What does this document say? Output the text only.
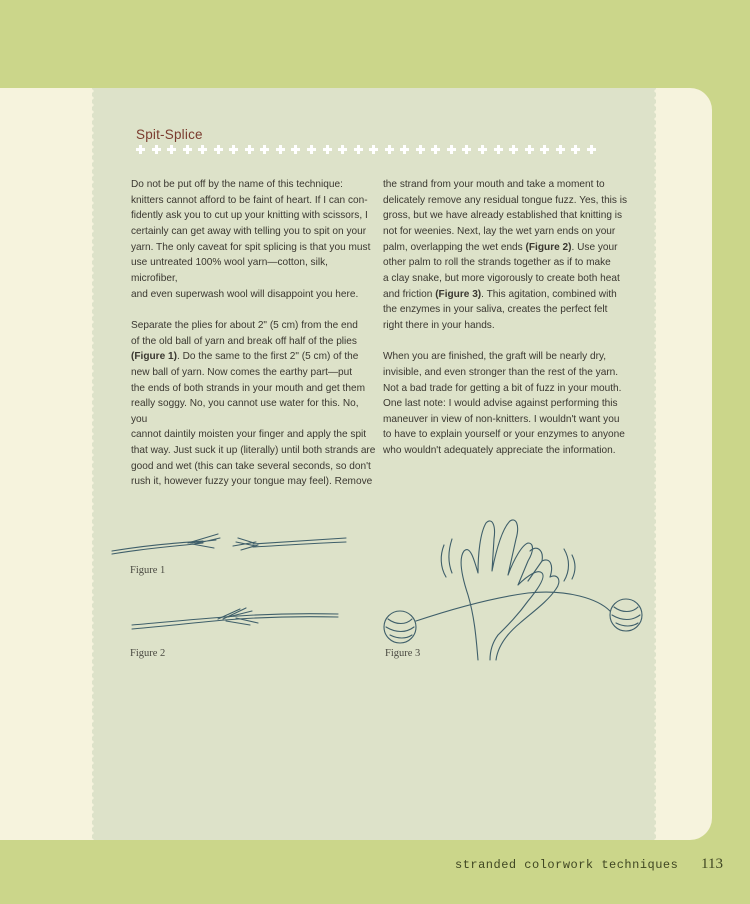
Spit-Splice

Do not be put off by the name of this technique:

knitters cannot afford to be faint of heart. If I can con-

fidently ask you to cut up your knitting with scissors, I

certainly can get away with telling you to spit on your

yarn. The only caveat for spit splicing is that you must

use untreated 100% wool yarn—cotton, silk, microfiber,

and even superwash wool will disappoint you here.

Separate the plies for about 2" (5 cm) from the end

of the old ball of yarn and break off half of the plies

(Figure 1). Do the same to the first 2" (5 cm) of the

new ball of yarn. Now comes the earthy part—put

the ends of both strands in your mouth and get them

really soggy. No, you cannot use water for this. No, you

cannot daintily moisten your finger and apply the spit

that way. Just suck it up (literally) until both strands are

good and wet (this can take several seconds, so don't

rush it, however fuzzy your tongue may feel). Remove

the strand from your mouth and take a moment to

delicately remove any residual tongue fuzz. Yes, this is

gross, but we have already established that knitting is

not for weenies. Next, lay the wet yarn ends on your

palm, overlapping the wet ends (Figure 2). Use your

other palm to roll the strands together as if to make

a clay snake, but more vigorously to create both heat

and friction (Figure 3). This agitation, combined with

the enzymes in your saliva, creates the perfect felt

right there in your hands.

When you are finished, the graft will be nearly dry,

invisible, and even stronger than the rest of the yarn.

Not a bad trade for getting a bit of fuzz in your mouth.

One last note: I would advise against performing this

maneuver in view of non-knitters. I wouldn't want you

to have to explain yourself or your enzymes to anyone

who wouldn't adequately appreciate the information.

Figure 1
Figure 2	Figure 3
stranded colorwork techniques 113
